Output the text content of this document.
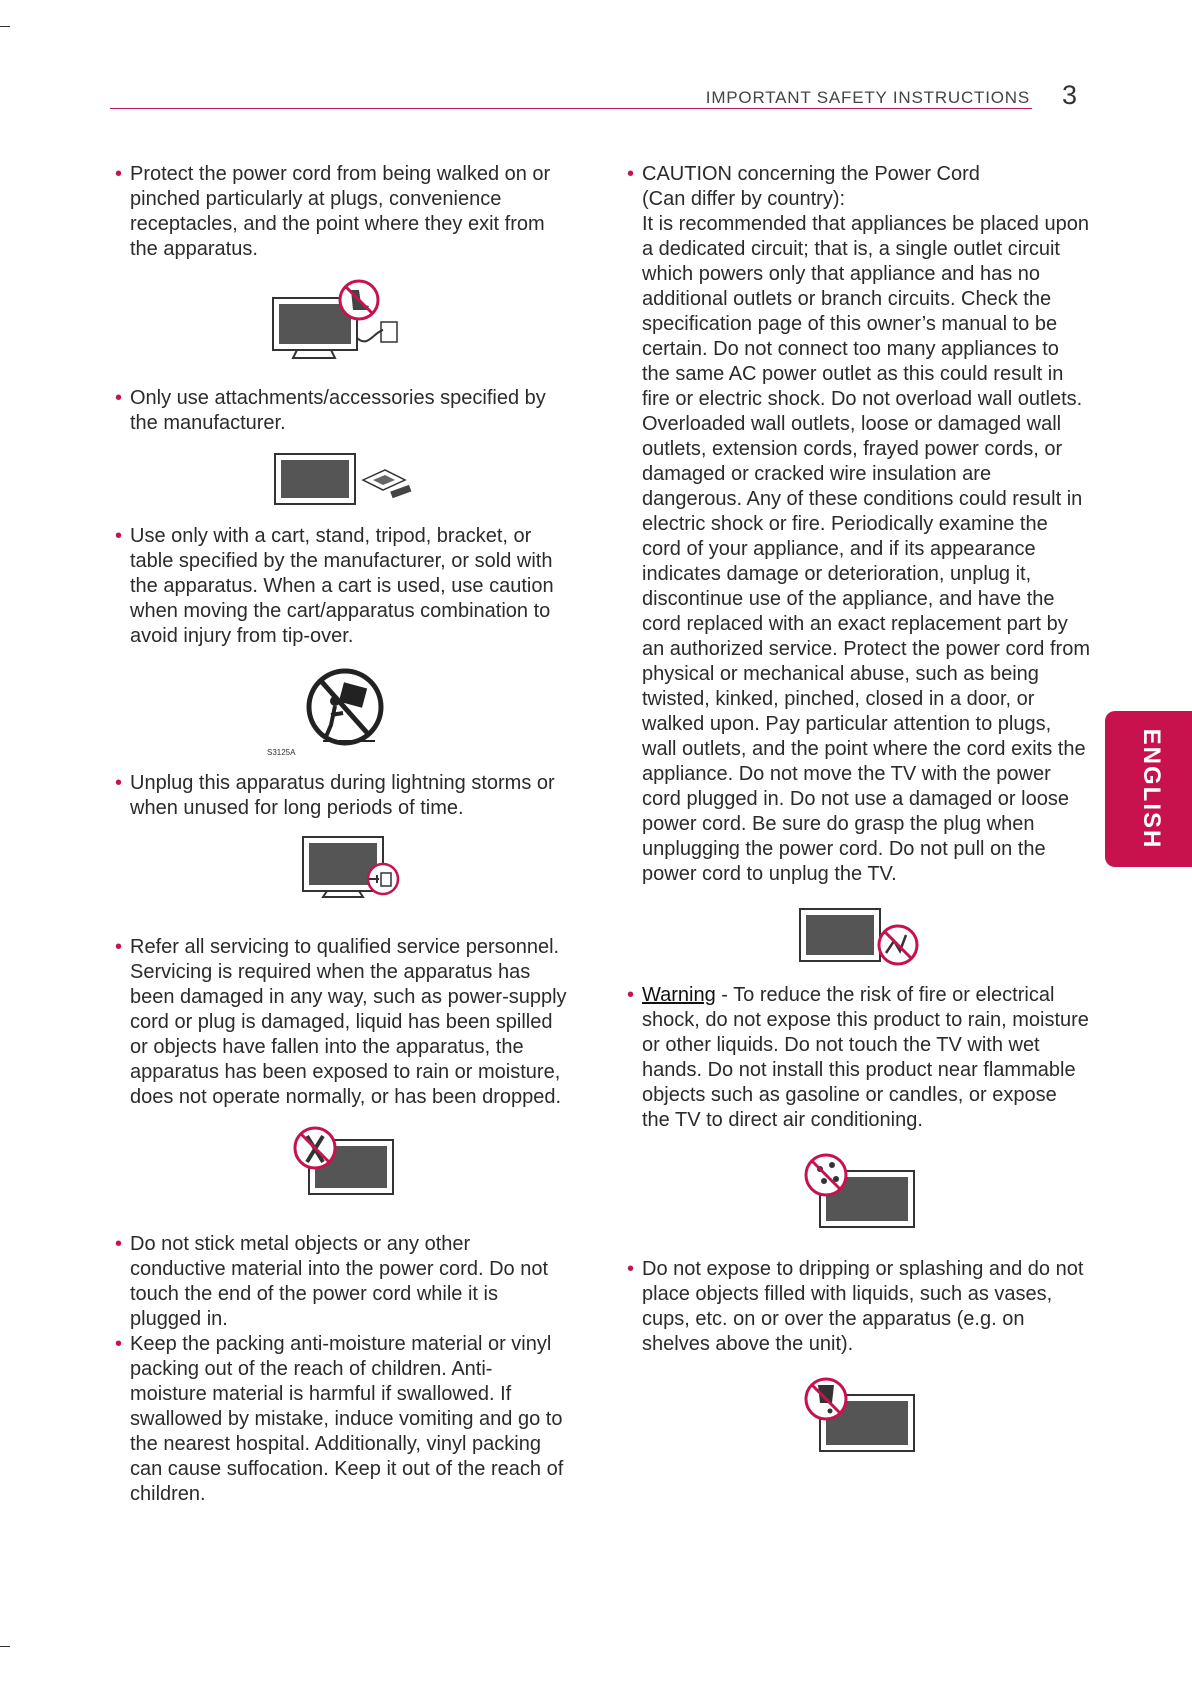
IMPORTANT SAFETY INSTRUCTIONS 3
ENGLISH

• Protect the power cord from being walked on or pinched particularly at plugs, convenience receptacles, and the point where they exit from the apparatus.

• Only use attachments/accessories specified by the manufacturer.

• Use only with a cart, stand, tripod, bracket, or table specified by the manufacturer, or sold with the apparatus. When a cart is used, use caution when moving the cart/apparatus combination to avoid injury from tip-over.

S3125A

• Unplug this apparatus during lightning storms or when unused for long periods of time.

• Refer all servicing to qualified service personnel. Servicing is required when the apparatus has been damaged in any way, such as power-supply cord or plug is damaged, liquid has been spilled or objects have fallen into the apparatus, the apparatus has been exposed to rain or moisture, does not operate normally, or has been dropped.

• Do not stick metal objects or any other conductive material into the power cord. Do not touch the end of the power cord while it is plugged in.

• Keep the packing anti-moisture material or vinyl packing out of the reach of children. Anti-moisture material is harmful if swallowed. If swallowed by mistake, induce vomiting and go to the nearest hospital. Additionally, vinyl packing can cause suffocation. Keep it out of the reach of children.

• CAUTION concerning the Power Cord

(Can differ by country):

It is recommended that appliances be placed upon a dedicated circuit; that is, a single outlet circuit which powers only that appliance and has no additional outlets or branch circuits. Check the specification page of this owner’s manual to be certain. Do not connect too many appliances to the same AC power outlet as this could result in fire or electric shock. Do not overload wall outlets. Overloaded wall outlets, loose or damaged wall outlets, extension cords, frayed power cords, or damaged or cracked wire insulation are dangerous. Any of these conditions could result in electric shock or fire. Periodically examine the cord of your appliance, and if its appearance indicates damage or deterioration, unplug it, discontinue use of the appliance, and have the cord replaced with an exact replacement part by an authorized service. Protect the power cord from physical or mechanical abuse, such as being twisted, kinked, pinched, closed in a door, or walked upon. Pay particular attention to plugs, wall outlets, and the point where the cord exits the appliance. Do not move the TV with the power cord plugged in. Do not use a damaged or loose power cord. Be sure do grasp the plug when unplugging the power cord. Do not pull on the power cord to unplug the TV.

• Warning - To reduce the risk of fire or electrical shock, do not expose this product to rain, moisture or other liquids. Do not touch the TV with wet hands. Do not install this product near flammable objects such as gasoline or candles, or expose the TV to direct air conditioning.

• Do not expose to dripping or splashing and do not place objects filled with liquids, such as vases, cups, etc. on or over the apparatus (e.g. on shelves above the unit).
